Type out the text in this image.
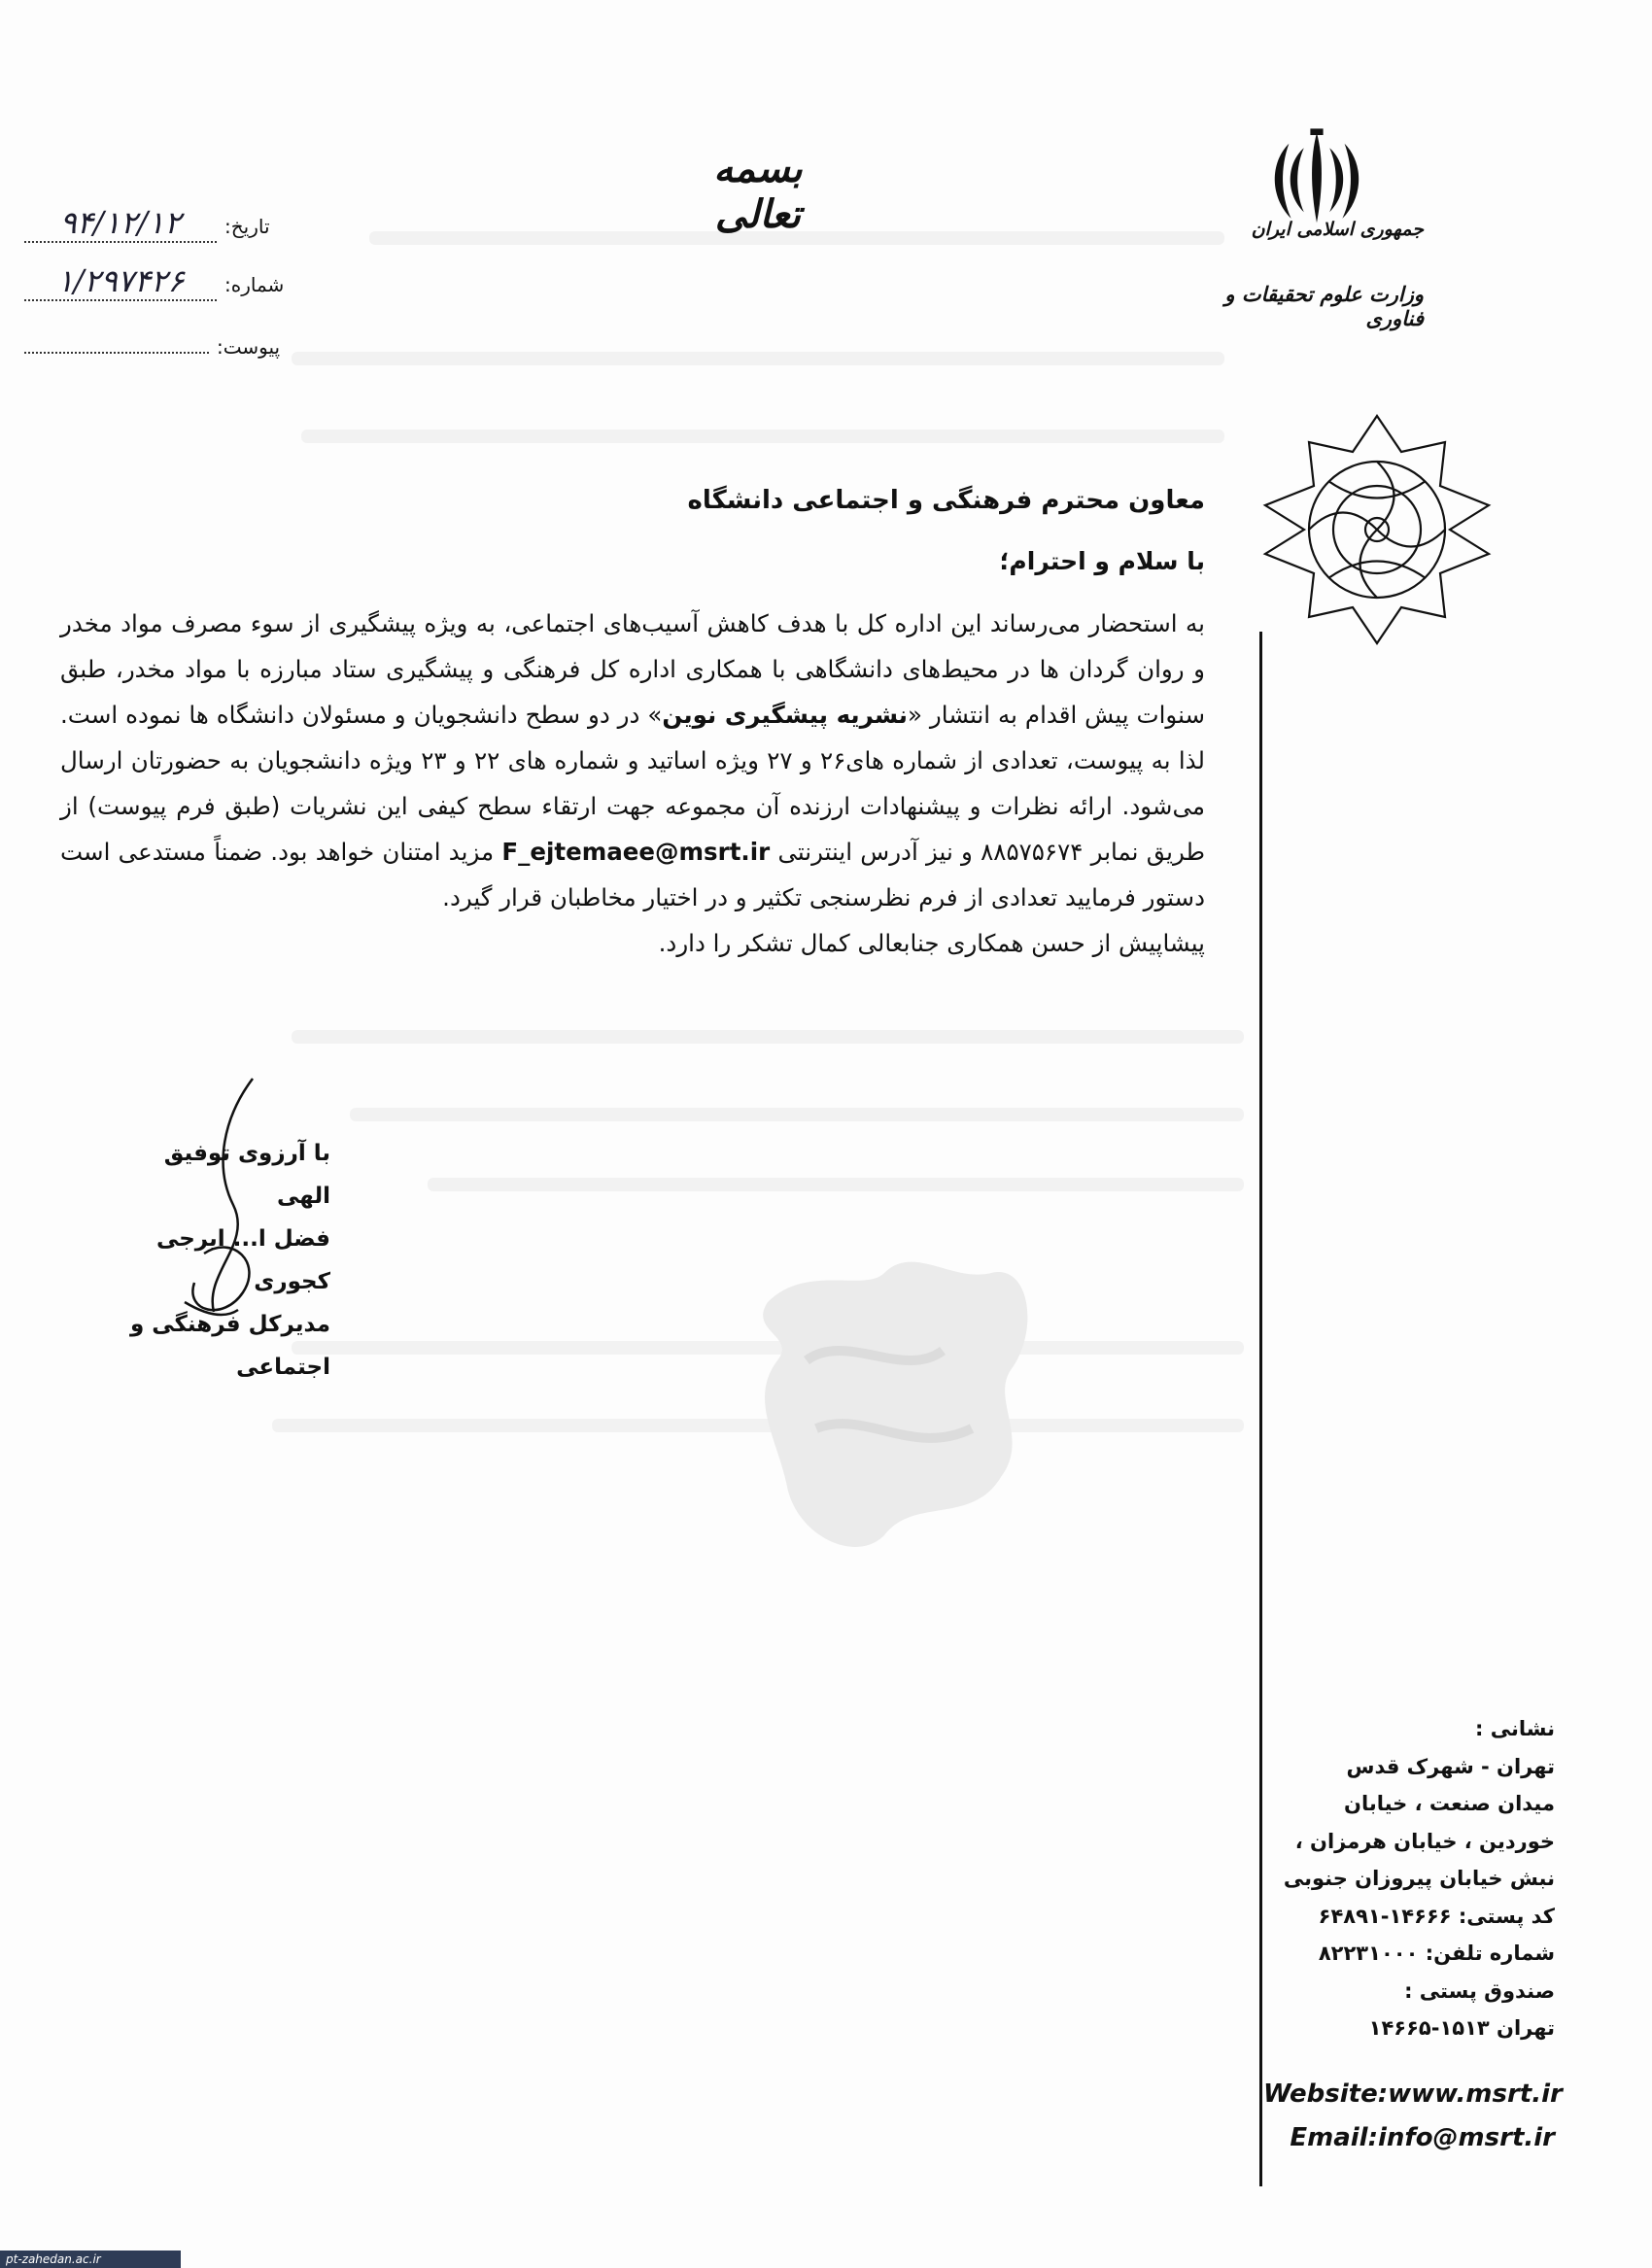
بسمه تعالی	جمهوری اسلامی ایران
وزارت علوم تحقیقات و فناوری
تاریخ:
۹۴/۱۲/۱۲
شماره:
۱/۲۹۷۴۲۶
پیوست:

معاون محترم فرهنگی و اجتماعی دانشگاه

با سلام و احترام؛

به استحضار می‌رساند این اداره کل با هدف کاهش آسیب‌های اجتماعی، به ویژه پیشگیری از سوء مصرف مواد مخدر و روان گردان ها در محیط‌های دانشگاهی با همکاری اداره کل فرهنگی و پیشگیری ستاد مبارزه با مواد مخدر، طبق سنوات پیش اقدام به انتشار «نشریه پیشگیری نوین» در دو سطح دانشجویان و مسئولان دانشگاه ها نموده است. لذا به پیوست، تعدادی از شماره های۲۶ و ۲۷ ویژه اساتید و شماره های ۲۲ و ۲۳ ویژه دانشجویان به حضورتان ارسال می‌شود. ارائه نظرات و پیشنهادات ارزنده آن مجموعه جهت ارتقاء سطح کیفی این نشریات (طبق فرم پیوست) از طریق نمابر ۸۸۵۷۵۶۷۴ و نیز آدرس اینترنتی F_ejtemaee@msrt.ir مزید امتنان خواهد بود. ضمناً مستدعی است دستور فرمایید تعدادی از فرم نظرسنجی تکثیر و در اختیار مخاطبان قرار گیرد.

پیشاپیش از حسن همکاری جنابعالی کمال تشکر را دارد.

با آرزوی توفیق الهی
فضل ا... ایرجی کجوری
مدیرکل فرهنگی و اجتماعی
نشانی :
تهران - شهرک قدس
میدان صنعت ، خیابان
خوردین ، خیابان هرمزان ،
نبش خیابان پیروزان جنوبی
کد پستی: ۱۴۶۶۶-۶۴۸۹۱
شماره تلفن: ۸۲۲۳۱۰۰۰
صندوق پستی :
تهران ۱۵۱۳-۱۴۶۶۵
Website:www.msrt.ir
Email:info@msrt.ir
pt-zahedan.ac.ir
